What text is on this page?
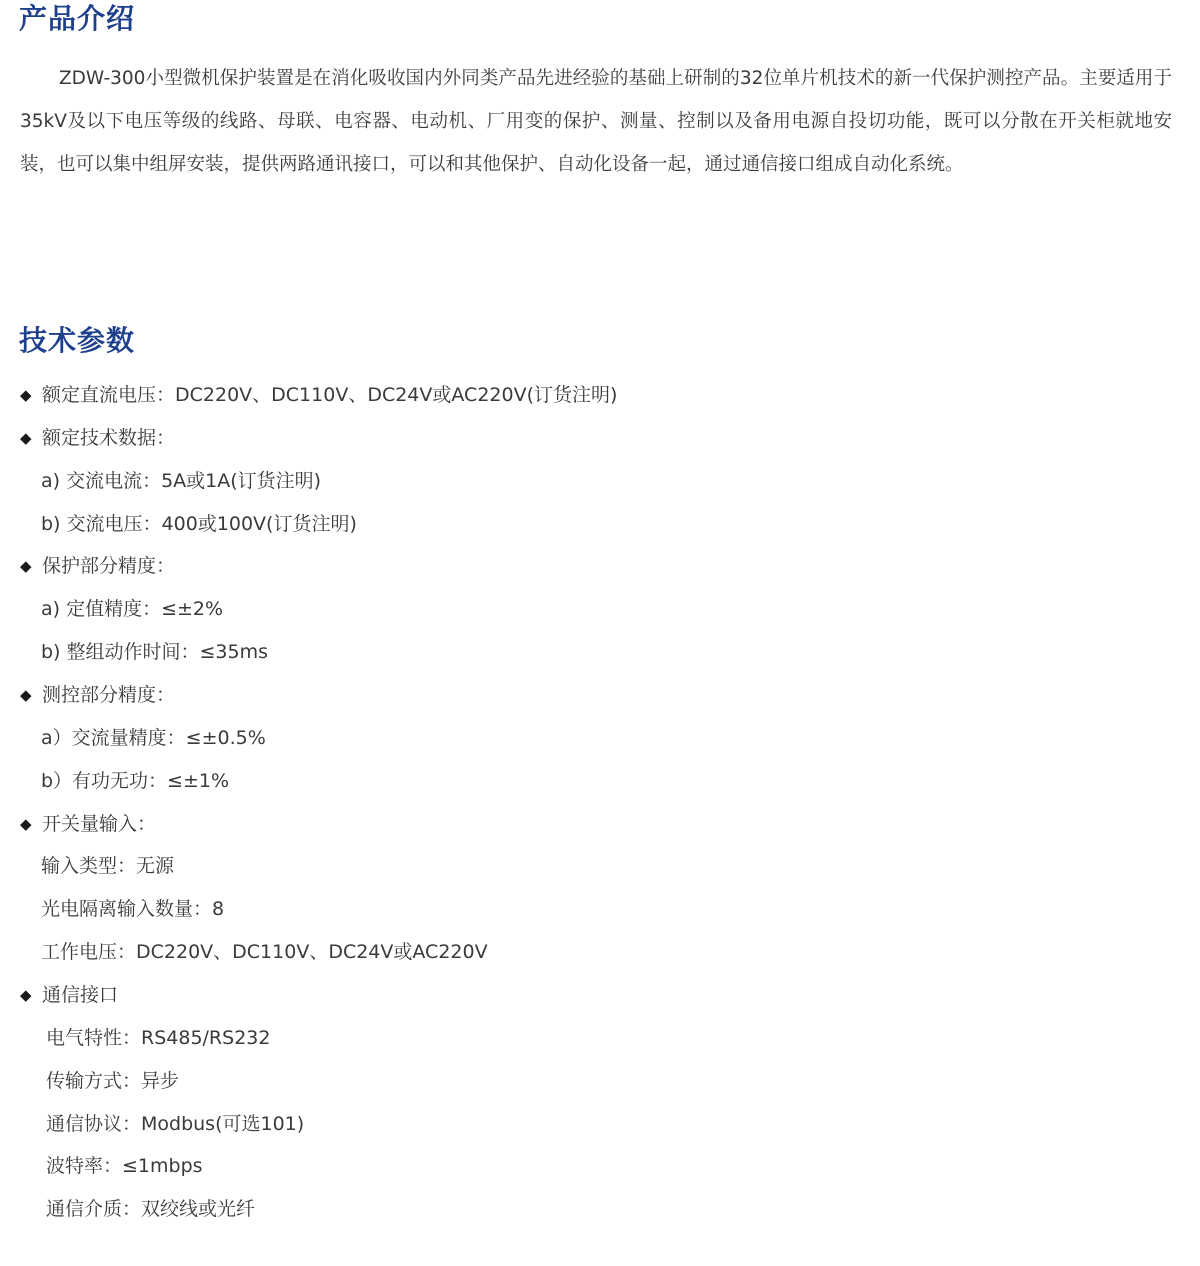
产品介绍

ZDW-300小型微机保护装置是在消化吸收国内外同类产品先进经验的基础上研制的32位单片机技术的新一代保护测控产品。主要适用于35kV及以下电压等级的线路、母联、电容器、电动机、厂用变的保护、测量、控制以及备用电源自投切功能，既可以分散在开关柜就地安装，也可以集中组屏安装，提供两路通讯接口，可以和其他保护、自动化设备一起，通过通信接口组成自动化系统。

技术参数
◆ 额定直流电压：DC220V、DC110V、DC24V或AC220V(订货注明)
◆ 额定技术数据：
a) 交流电流：5A或1A(订货注明)
b) 交流电压：400或100V(订货注明)
◆ 保护部分精度：
a) 定值精度：≤±2%
b) 整组动作时间：≤35ms
◆ 测控部分精度：
a）交流量精度：≤±0.5%
b）有功无功：≤±1%
◆ 开关量输入：
输入类型：无源
光电隔离输入数量：8
工作电压：DC220V、DC110V、DC24V或AC220V
◆ 通信接口
电气特性：RS485/RS232
传输方式：异步
通信协议：Modbus(可选101)
波特率：≤1mbps
通信介质：双绞线或光纤
